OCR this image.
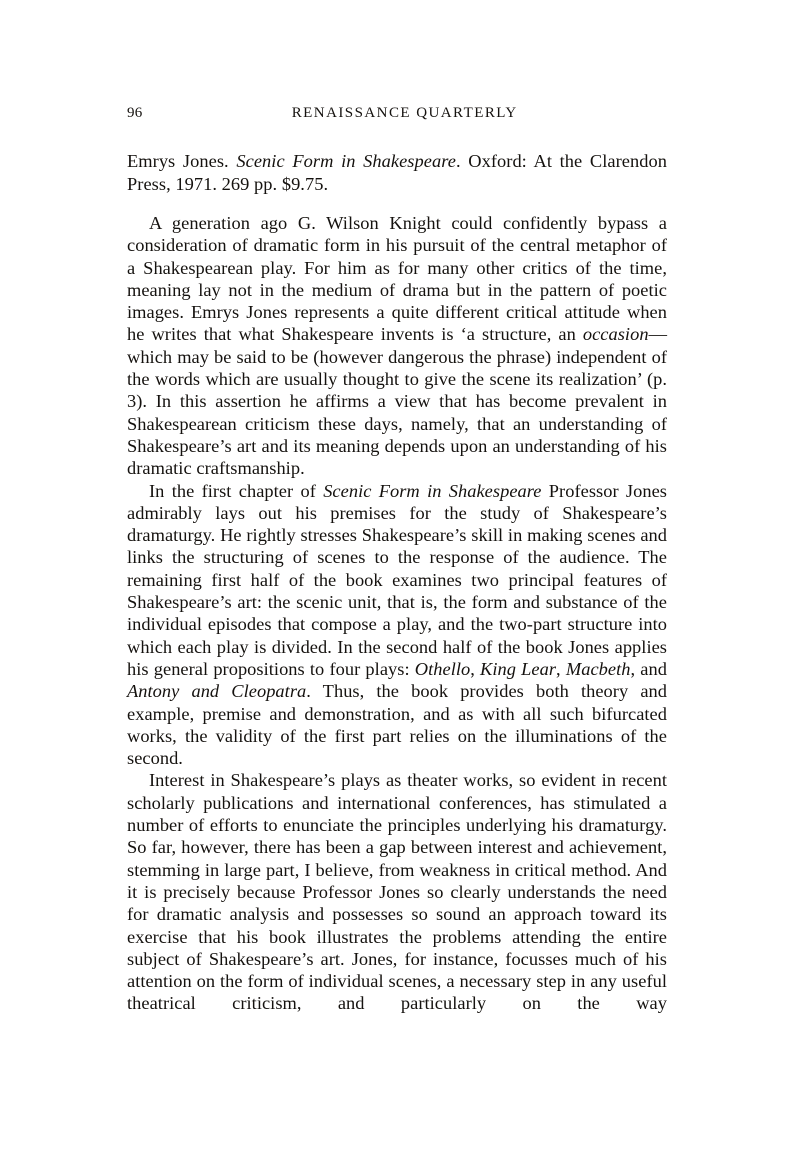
96	RENAISSANCE QUARTERLY

Emrys Jones. Scenic Form in Shakespeare. Oxford: At the Clarendon Press, 1971. 269 pp. $9.75.

A generation ago G. Wilson Knight could confidently bypass a consideration of dramatic form in his pursuit of the central metaphor of a Shakespearean play. For him as for many other critics of the time, meaning lay not in the medium of drama but in the pattern of poetic images. Emrys Jones represents a quite different critical attitude when he writes that what Shakespeare invents is ‘a structure, an occasion—which may be said to be (however dangerous the phrase) independent of the words which are usually thought to give the scene its realization’ (p. 3). In this assertion he affirms a view that has become prevalent in Shakespearean criticism these days, namely, that an understanding of Shakespeare’s art and its meaning depends upon an understanding of his dramatic craftsmanship.

In the first chapter of Scenic Form in Shakespeare Professor Jones admirably lays out his premises for the study of Shakespeare’s dramaturgy. He rightly stresses Shakespeare’s skill in making scenes and links the structuring of scenes to the response of the audience. The remaining first half of the book examines two principal features of Shakespeare’s art: the scenic unit, that is, the form and substance of the individual episodes that compose a play, and the two-part structure into which each play is divided. In the second half of the book Jones applies his general propositions to four plays: Othello, King Lear, Macbeth, and Antony and Cleopatra. Thus, the book provides both theory and example, premise and demonstration, and as with all such bifurcated works, the validity of the first part relies on the illuminations of the second.

Interest in Shakespeare’s plays as theater works, so evident in recent scholarly publications and international conferences, has stimulated a number of efforts to enunciate the principles underlying his dramaturgy. So far, however, there has been a gap between interest and achievement, stemming in large part, I believe, from weakness in critical method. And it is precisely because Professor Jones so clearly understands the need for dramatic analysis and possesses so sound an approach toward its exercise that his book illustrates the problems attending the entire subject of Shakespeare’s art. Jones, for instance, focusses much of his attention on the form of individual scenes, a necessary step in any useful theatrical criticism, and particularly on the way
